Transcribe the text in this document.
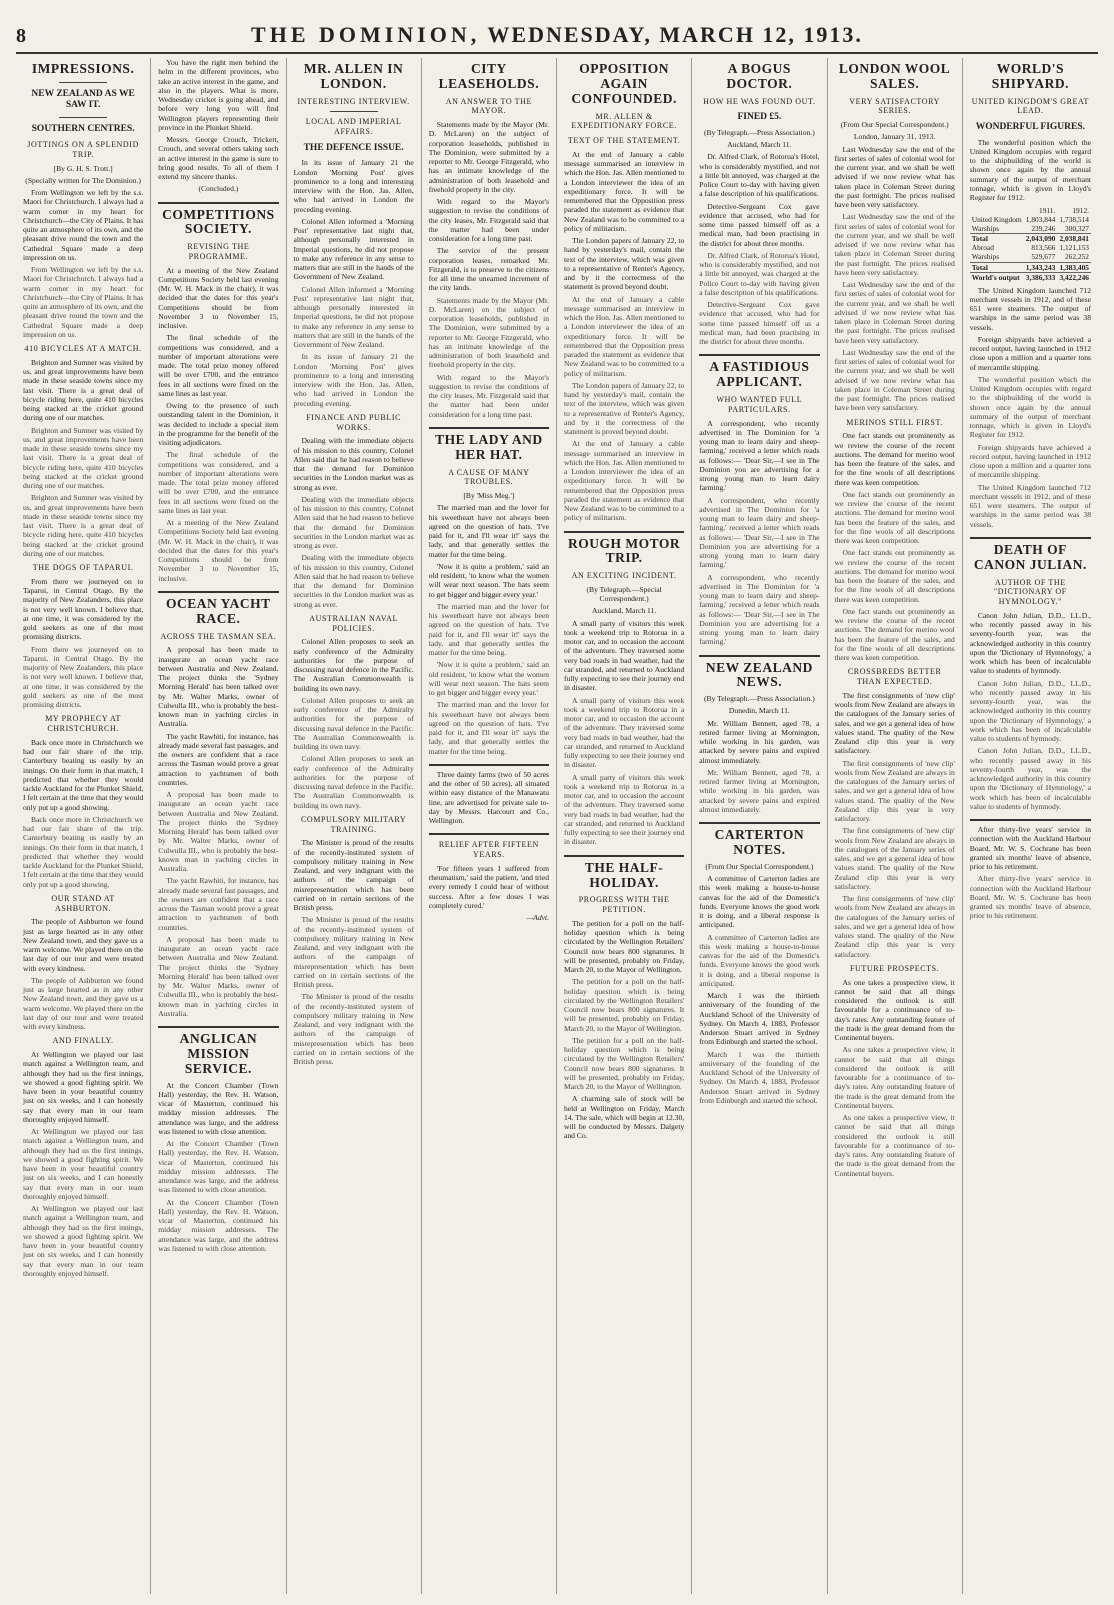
8	THE DOMINION, WEDNESDAY, MARCH 12, 1913.
IMPRESSIONS.
NEW ZEALAND AS WE SAW IT.
SOUTHERN CENTRES.
JOTTINGS ON A SPLENDID TRIP.
[By G. H. S. Trott.]
(Specially written for The Dominion.)

From Wellington we left by the s.s. Maori for Christchurch. I always had a warm corner in my heart for Christchurch—the City of Plains. It has quite an atmosphere of its own, and the pleasant drive round the town and the Cathedral Square made a deep impression on us.

From Wellington we left by the s.s. Maori for Christchurch. I always had a warm corner in my heart for Christchurch—the City of Plains. It has quite an atmosphere of its own, and the pleasant drive round the town and the Cathedral Square made a deep impression on us.

410 BICYCLES AT A MATCH.

Brighton and Sumner was visited by us, and great improvements have been made in these seaside towns since my last visit. There is a great deal of bicycle riding here, quite 410 bicycles being stacked at the cricket ground during one of our matches.

Brighton and Sumner was visited by us, and great improvements have been made in these seaside towns since my last visit. There is a great deal of bicycle riding here, quite 410 bicycles being stacked at the cricket ground during one of our matches.

Brighton and Sumner was visited by us, and great improvements have been made in these seaside towns since my last visit. There is a great deal of bicycle riding here, quite 410 bicycles being stacked at the cricket ground during one of our matches.

THE DOGS OF TAPARUI.

From there we journeyed on to Taparui, in Central Otago. By the majority of New Zealanders, this place is not very well known. I believe that, at one time, it was considered by the gold seekers as one of the most promising districts.

From there we journeyed on to Taparui, in Central Otago. By the majority of New Zealanders, this place is not very well known. I believe that, at one time, it was considered by the gold seekers as one of the most promising districts.

MY PROPHECY AT CHRISTCHURCH.

Back once more in Christchurch we had our fair share of the trip. Canterbury beating us easily by an innings. On their form in that match, I predicted that whether they would tackle Auckland for the Plunket Shield, I felt certain at the time that they would only put up a good showing.

Back once more in Christchurch we had our fair share of the trip. Canterbury beating us easily by an innings. On their form in that match, I predicted that whether they would tackle Auckland for the Plunket Shield, I felt certain at the time that they would only put up a good showing.

OUR STAND AT ASHBURTON.

The people of Ashburton we found just as large hearted as in any other New Zealand town, and they gave us a warm welcome. We played there on the last day of our tour and were treated with every kindness.

The people of Ashburton we found just as large hearted as in any other New Zealand town, and they gave us a warm welcome. We played there on the last day of our tour and were treated with every kindness.

AND FINALLY.

At Wellington we played our last match against a Wellington team, and although they had us the first innings, we showed a good fighting spirit. We have been in your beautiful country just on six weeks, and I can honestly say that every man in our team thoroughly enjoyed himself.

At Wellington we played our last match against a Wellington team, and although they had us the first innings, we showed a good fighting spirit. We have been in your beautiful country just on six weeks, and I can honestly say that every man in our team thoroughly enjoyed himself.

At Wellington we played our last match against a Wellington team, and although they had us the first innings, we showed a good fighting spirit. We have been in your beautiful country just on six weeks, and I can honestly say that every man in our team thoroughly enjoyed himself.

You have the right men behind the helm in the different provinces, who take an active interest in the game, and also in the players. What is more, Wednesday cricket is going ahead, and before very long you will find Wellington players representing their province in the Plunket Shield.

Messrs. George Crouch, Trickett, Crouch, and several others taking such an active interest in the game is sure to bring good results. To all of them I extend my sincere thanks.

(Concluded.)
COMPETITIONS SOCIETY.
REVISING THE PROGRAMME.

At a meeting of the New Zealand Competitions Society held last evening (Mr. W. H. Mack in the chair), it was decided that the dates for this year's Competitions should be from November 3 to November 15, inclusive.

The final schedule of the competitions was considered, and a number of important alterations were made. The total prize money offered will be over £700, and the entrance fees in all sections were fixed on the same lines as last year.

Owing to the presence of such outstanding talent in the Dominion, it was decided to include a special item in the programme for the benefit of the visiting adjudicators.

The final schedule of the competitions was considered, and a number of important alterations were made. The total prize money offered will be over £700, and the entrance fees in all sections were fixed on the same lines as last year.

At a meeting of the New Zealand Competitions Society held last evening (Mr. W. H. Mack in the chair), it was decided that the dates for this year's Competitions should be from November 3 to November 15, inclusive.

OCEAN YACHT RACE.
ACROSS THE TASMAN SEA.

A proposal has been made to inaugurate an ocean yacht race between Australia and New Zealand. The project thinks the 'Sydney Morning Herald' has been talked over by Mr. Walter Marks, owner of Culwulla III., who is probably the best-known man in yachting circles in Australia.

The yacht Rawhiti, for instance, has already made several fast passages, and the owners are confident that a race across the Tasman would prove a great attraction to yachtsmen of both countries.

A proposal has been made to inaugurate an ocean yacht race between Australia and New Zealand. The project thinks the 'Sydney Morning Herald' has been talked over by Mr. Walter Marks, owner of Culwulla III., who is probably the best-known man in yachting circles in Australia.

The yacht Rawhiti, for instance, has already made several fast passages, and the owners are confident that a race across the Tasman would prove a great attraction to yachtsmen of both countries.

A proposal has been made to inaugurate an ocean yacht race between Australia and New Zealand. The project thinks the 'Sydney Morning Herald' has been talked over by Mr. Walter Marks, owner of Culwulla III., who is probably the best-known man in yachting circles in Australia.

ANGLICAN MISSION SERVICE.

At the Concert Chamber (Town Hall) yesterday, the Rev. H. Watson, vicar of Masterton, continued his midday mission addresses. The attendance was large, and the address was listened to with close attention.

At the Concert Chamber (Town Hall) yesterday, the Rev. H. Watson, vicar of Masterton, continued his midday mission addresses. The attendance was large, and the address was listened to with close attention.

At the Concert Chamber (Town Hall) yesterday, the Rev. H. Watson, vicar of Masterton, continued his midday mission addresses. The attendance was large, and the address was listened to with close attention.

MR. ALLEN IN LONDON.
INTERESTING INTERVIEW.
LOCAL AND IMPERIAL AFFAIRS.
THE DEFENCE ISSUE.

In its issue of January 21 the London 'Morning Post' gives prominence to a long and interesting interview with the Hon. Jas. Allen, who had arrived in London the preceding evening.

Colonel Allen informed a 'Morning Post' representative last night that, although personally interested in Imperial questions, he did not propose to make any reference in any sense to matters that are still in the hands of the Government of New Zealand.

Colonel Allen informed a 'Morning Post' representative last night that, although personally interested in Imperial questions, he did not propose to make any reference in any sense to matters that are still in the hands of the Government of New Zealand.

In its issue of January 21 the London 'Morning Post' gives prominence to a long and interesting interview with the Hon. Jas. Allen, who had arrived in London the preceding evening.

FINANCE AND PUBLIC WORKS.

Dealing with the immediate objects of his mission to this country, Colonel Allen said that he had reason to believe that the demand for Dominion securities in the London market was as strong as ever.

Dealing with the immediate objects of his mission to this country, Colonel Allen said that he had reason to believe that the demand for Dominion securities in the London market was as strong as ever.

Dealing with the immediate objects of his mission to this country, Colonel Allen said that he had reason to believe that the demand for Dominion securities in the London market was as strong as ever.

AUSTRALIAN NAVAL POLICIES.

Colonel Allen proposes to seek an early conference of the Admiralty authorities for the purpose of discussing naval defence in the Pacific. The Australian Commonwealth is building its own navy.

Colonel Allen proposes to seek an early conference of the Admiralty authorities for the purpose of discussing naval defence in the Pacific. The Australian Commonwealth is building its own navy.

Colonel Allen proposes to seek an early conference of the Admiralty authorities for the purpose of discussing naval defence in the Pacific. The Australian Commonwealth is building its own navy.

COMPULSORY MILITARY TRAINING.

The Minister is proud of the results of the recently-instituted system of compulsory military training in New Zealand, and very indignant with the authors of the campaign of misrepresentation which has been carried on in certain sections of the British press.

The Minister is proud of the results of the recently-instituted system of compulsory military training in New Zealand, and very indignant with the authors of the campaign of misrepresentation which has been carried on in certain sections of the British press.

The Minister is proud of the results of the recently-instituted system of compulsory military training in New Zealand, and very indignant with the authors of the campaign of misrepresentation which has been carried on in certain sections of the British press.

CITY LEASEHOLDS.
AN ANSWER TO THE MAYOR.

Statements made by the Mayor (Mr. D. McLaren) on the subject of corporation leaseholds, published in The Dominion, were submitted by a reporter to Mr. George Fitzgerald, who has an intimate knowledge of the administration of both leasehold and freehold property in the city.

With regard to the Mayor's suggestion to revise the conditions of the city leases, Mr. Fitzgerald said that the matter had been under consideration for a long time past.

The service of the present corporation leases, remarked Mr. Fitzgerald, is to preserve to the citizens for all time the unearned increment of the city lands.

Statements made by the Mayor (Mr. D. McLaren) on the subject of corporation leaseholds, published in The Dominion, were submitted by a reporter to Mr. George Fitzgerald, who has an intimate knowledge of the administration of both leasehold and freehold property in the city.

With regard to the Mayor's suggestion to revise the conditions of the city leases, Mr. Fitzgerald said that the matter had been under consideration for a long time past.

THE LADY AND HER HAT.
A CAUSE OF MANY TROUBLES.
[By 'Miss Meg.']

The married man and the lover for his sweetheart have not always been agreed on the question of hats. 'I've paid for it, and I'll wear it!' says the lady, and that generally settles the matter for the time being.

'Now it is quite a problem,' said an old resident, 'to know what the women will wear next season. The hats seem to get bigger and bigger every year.'

The married man and the lover for his sweetheart have not always been agreed on the question of hats. 'I've paid for it, and I'll wear it!' says the lady, and that generally settles the matter for the time being.

'Now it is quite a problem,' said an old resident, 'to know what the women will wear next season. The hats seem to get bigger and bigger every year.'

The married man and the lover for his sweetheart have not always been agreed on the question of hats. 'I've paid for it, and I'll wear it!' says the lady, and that generally settles the matter for the time being.

Three dainty farms (two of 50 acres and the other of 50 acres), all situated within easy distance of the Manawatu line, are advertised for private sale to-day by Messrs. Harcourt and Co., Wellington.

RELIEF AFTER FIFTEEN YEARS.

'For fifteen years I suffered from rheumatism,' said the patient, 'and tried every remedy I could hear of without success. After a few doses I was completely cured.'

—Advt.
OPPOSITION AGAIN CONFOUNDED.
MR. ALLEN & EXPEDITIONARY FORCE.
TEXT OF THE STATEMENT.

At the end of January a cable message summarised an interview in which the Hon. Jas. Allen mentioned to a London interviewer the idea of an expeditionary force. It will be remembered that the Opposition press paraded the statement as evidence that New Zealand was to be committed to a policy of militarism.

The London papers of January 22, to hand by yesterday's mail, contain the text of the interview, which was given to a representative of Renter's Agency, and by it the correctness of the statement is proved beyond doubt.

At the end of January a cable message summarised an interview in which the Hon. Jas. Allen mentioned to a London interviewer the idea of an expeditionary force. It will be remembered that the Opposition press paraded the statement as evidence that New Zealand was to be committed to a policy of militarism.

The London papers of January 22, to hand by yesterday's mail, contain the text of the interview, which was given to a representative of Renter's Agency, and by it the correctness of the statement is proved beyond doubt.

At the end of January a cable message summarised an interview in which the Hon. Jas. Allen mentioned to a London interviewer the idea of an expeditionary force. It will be remembered that the Opposition press paraded the statement as evidence that New Zealand was to be committed to a policy of militarism.

ROUGH MOTOR TRIP.
AN EXCITING INCIDENT.
(By Telegraph.—Special Correspondent.)
Auckland, March 11.

A small party of visitors this week took a weekend trip to Rotorua in a motor car, and to occasion the account of the adventure. They traversed some very bad roads in bad weather, had the car stranded, and returned to Auckland fully expecting to see their journey end in disaster.

A small party of visitors this week took a weekend trip to Rotorua in a motor car, and to occasion the account of the adventure. They traversed some very bad roads in bad weather, had the car stranded, and returned to Auckland fully expecting to see their journey end in disaster.

A small party of visitors this week took a weekend trip to Rotorua in a motor car, and to occasion the account of the adventure. They traversed some very bad roads in bad weather, had the car stranded, and returned to Auckland fully expecting to see their journey end in disaster.

THE HALF-HOLIDAY.
PROGRESS WITH THE PETITION.

The petition for a poll on the half-holiday question which is being circulated by the Wellington Retailers' Council now bears 800 signatures. It will be presented, probably on Friday, March 20, to the Mayor of Wellington.

The petition for a poll on the half-holiday question which is being circulated by the Wellington Retailers' Council now bears 800 signatures. It will be presented, probably on Friday, March 20, to the Mayor of Wellington.

The petition for a poll on the half-holiday question which is being circulated by the Wellington Retailers' Council now bears 800 signatures. It will be presented, probably on Friday, March 20, to the Mayor of Wellington.

A charming sale of stock will be held at Wellington on Friday, March 14. The sale, which will begin at 12.30, will be conducted by Messrs. Dalgety and Co.

A BOGUS DOCTOR.
HOW HE WAS FOUND OUT.
FINED £5.
(By Telegraph.—Press Association.)
Auckland, March 11.

Dr. Alfred Clark, of Rotorua's Hotel, who is considerably mystified, and not a little bit annoyed, was charged at the Police Court to-day with having given a false description of his qualifications.

Detective-Sergeant Cox gave evidence that accused, who had for some time passed himself off as a medical man, had been practising in the district for about three months.

Dr. Alfred Clark, of Rotorua's Hotel, who is considerably mystified, and not a little bit annoyed, was charged at the Police Court to-day with having given a false description of his qualifications.

Detective-Sergeant Cox gave evidence that accused, who had for some time passed himself off as a medical man, had been practising in the district for about three months.

A FASTIDIOUS APPLICANT.
WHO WANTED FULL PARTICULARS.

A correspondent, who recently advertised in The Dominion for 'a young man to learn dairy and sheep-farming,' received a letter which reads as follows:— 'Dear Sir,—I see in The Dominion you are advertising for a strong young man to learn dairy farming.'

A correspondent, who recently advertised in The Dominion for 'a young man to learn dairy and sheep-farming,' received a letter which reads as follows:— 'Dear Sir,—I see in The Dominion you are advertising for a strong young man to learn dairy farming.'

A correspondent, who recently advertised in The Dominion for 'a young man to learn dairy and sheep-farming,' received a letter which reads as follows:— 'Dear Sir,—I see in The Dominion you are advertising for a strong young man to learn dairy farming.'

NEW ZEALAND NEWS.
(By Telegraph.—Press Association.)
Dunedin, March 11.

Mr. William Bennett, aged 78, a retired farmer living at Mornington, while working in his garden, was attacked by severe pains and expired almost immediately.

Mr. William Bennett, aged 78, a retired farmer living at Mornington, while working in his garden, was attacked by severe pains and expired almost immediately.

CARTERTON NOTES.
(From Our Special Correspondent.)

A committee of Carterton ladies are this week making a house-to-house canvas for the aid of the Domestic's funds. Everyone knows the good work it is doing, and a liberal response is anticipated.

A committee of Carterton ladies are this week making a house-to-house canvas for the aid of the Domestic's funds. Everyone knows the good work it is doing, and a liberal response is anticipated.

March 1 was the thirtieth anniversary of the founding of the Auckland School of the University of Sydney. On March 4, 1883, Professor Anderson Stuart arrived in Sydney from Edinburgh and started the school.

March 1 was the thirtieth anniversary of the founding of the Auckland School of the University of Sydney. On March 4, 1883, Professor Anderson Stuart arrived in Sydney from Edinburgh and started the school.

LONDON WOOL SALES.
VERY SATISFACTORY SERIES.
(From Our Special Correspondent.)
London, January 31, 1913.

Last Wednesday saw the end of the first series of sales of colonial wool for the current year, and we shall be well advised if we now review what has taken place in Coleman Street during the past fortnight. The prices realised have been very satisfactory.

Last Wednesday saw the end of the first series of sales of colonial wool for the current year, and we shall be well advised if we now review what has taken place in Coleman Street during the past fortnight. The prices realised have been very satisfactory.

Last Wednesday saw the end of the first series of sales of colonial wool for the current year, and we shall be well advised if we now review what has taken place in Coleman Street during the past fortnight. The prices realised have been very satisfactory.

Last Wednesday saw the end of the first series of sales of colonial wool for the current year, and we shall be well advised if we now review what has taken place in Coleman Street during the past fortnight. The prices realised have been very satisfactory.

MERINOS STILL FIRST.

One fact stands out prominently as we review the course of the recent auctions. The demand for merino wool has been the feature of the sales, and for the fine wools of all descriptions there was keen competition.

One fact stands out prominently as we review the course of the recent auctions. The demand for merino wool has been the feature of the sales, and for the fine wools of all descriptions there was keen competition.

One fact stands out prominently as we review the course of the recent auctions. The demand for merino wool has been the feature of the sales, and for the fine wools of all descriptions there was keen competition.

One fact stands out prominently as we review the course of the recent auctions. The demand for merino wool has been the feature of the sales, and for the fine wools of all descriptions there was keen competition.

CROSSBREDS BETTER THAN EXPECTED.

The first consignments of 'new clip' wools from New Zealand are always in the catalogues of the January series of sales, and we get a general idea of how values stand. The quality of the New Zealand clip this year is very satisfactory.

The first consignments of 'new clip' wools from New Zealand are always in the catalogues of the January series of sales, and we get a general idea of how values stand. The quality of the New Zealand clip this year is very satisfactory.

The first consignments of 'new clip' wools from New Zealand are always in the catalogues of the January series of sales, and we get a general idea of how values stand. The quality of the New Zealand clip this year is very satisfactory.

The first consignments of 'new clip' wools from New Zealand are always in the catalogues of the January series of sales, and we get a general idea of how values stand. The quality of the New Zealand clip this year is very satisfactory.

FUTURE PROSPECTS.

As one takes a prospective view, it cannot be said that all things considered the outlook is still favourable for a continuance of to-day's rates. Any outstanding feature of the trade is the great demand from the Continental buyers.

As one takes a prospective view, it cannot be said that all things considered the outlook is still favourable for a continuance of to-day's rates. Any outstanding feature of the trade is the great demand from the Continental buyers.

As one takes a prospective view, it cannot be said that all things considered the outlook is still favourable for a continuance of to-day's rates. Any outstanding feature of the trade is the great demand from the Continental buyers.

WORLD'S SHIPYARD.
UNITED KINGDOM'S GREAT LEAD.
WONDERFUL FIGURES.

The wonderful position which the United Kingdom occupies with regard to the shipbuilding of the world is shown once again by the annual summary of the output of merchant tonnage, which is given in Lloyd's Register for 1912.

	1911.	1912.
United Kingdom	1,803,844	1,738,514
Warships	239,246	300,327
Total	2,043,090	2,038,841
Abroad	813,566	1,121,153
Warships	529,677	262,252
Total	1,343,243	1,383,405
World's output	3,386,333	3,422,246

The United Kingdom launched 712 merchant vessels in 1912, and of these 651 were steamers. The output of warships in the same period was 38 vessels.

Foreign shipyards have achieved a record output, having launched in 1912 close upon a million and a quarter tons of mercantile shipping.

The wonderful position which the United Kingdom occupies with regard to the shipbuilding of the world is shown once again by the annual summary of the output of merchant tonnage, which is given in Lloyd's Register for 1912.

Foreign shipyards have achieved a record output, having launched in 1912 close upon a million and a quarter tons of mercantile shipping.

The United Kingdom launched 712 merchant vessels in 1912, and of these 651 were steamers. The output of warships in the same period was 38 vessels.

DEATH OF CANON JULIAN.
AUTHOR OF THE "DICTIONARY OF HYMNOLOGY."

Canon John Julian, D.D., LL.D., who recently passed away in his seventy-fourth year, was the acknowledged authority in this country upon the 'Dictionary of Hymnology,' a work which has been of incalculable value to students of hymnody.

Canon John Julian, D.D., LL.D., who recently passed away in his seventy-fourth year, was the acknowledged authority in this country upon the 'Dictionary of Hymnology,' a work which has been of incalculable value to students of hymnody.

Canon John Julian, D.D., LL.D., who recently passed away in his seventy-fourth year, was the acknowledged authority in this country upon the 'Dictionary of Hymnology,' a work which has been of incalculable value to students of hymnody.

After thirty-five years' service in connection with the Auckland Harbour Board, Mr. W. S. Cochrane has been granted six months' leave of absence, prior to his retirement.

After thirty-five years' service in connection with the Auckland Harbour Board, Mr. W. S. Cochrane has been granted six months' leave of absence, prior to his retirement.
